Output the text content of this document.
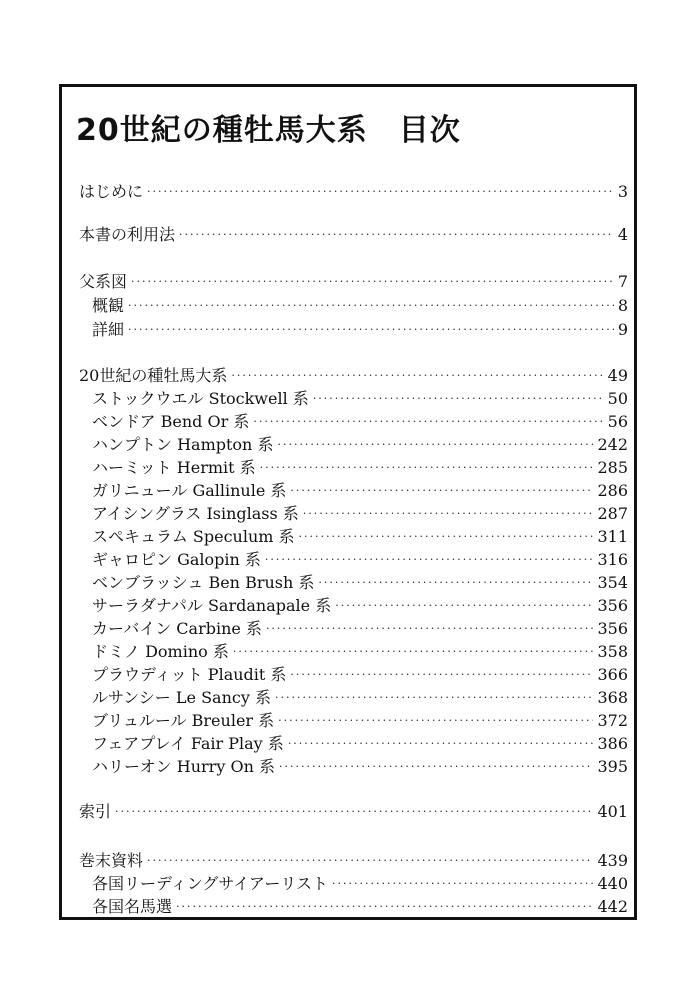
20世紀の種牡馬大系　目次
はじめに ·····	3
本書の利用法 ·····	4
父系図 ·····	7
概観 ·····	8
詳細 ·····	9
20世紀の種牡馬大系 ·····	49
ストックウエル Stockwell 系 ·····	50
ベンドア Bend Or 系 ·····	56
ハンプトン Hampton 系 ·····	242
ハーミット Hermit 系 ·····	285
ガリニュール Gallinule 系 ·····	286
アイシングラス Isinglass 系 ·····	287
スペキュラム Speculum 系 ·····	311
ギャロピン Galopin 系 ·····	316
ベンブラッシュ Ben Brush 系 ·····	354
サーラダナパル Sardanapale 系 ·····	356
カーバイン Carbine 系 ·····	356
ドミノ Domino 系 ·····	358
プラウディット Plaudit 系 ·····	366
ルサンシー Le Sancy 系 ·····	368
ブリュルール Breuler 系 ·····	372
フェアプレイ Fair Play 系 ·····	386
ハリーオン Hurry On 系 ·····	395
索引 ·····	401
巻末資料 ·····	439
各国リーディングサイアーリスト ·····	440
各国名馬選 ·····	442
